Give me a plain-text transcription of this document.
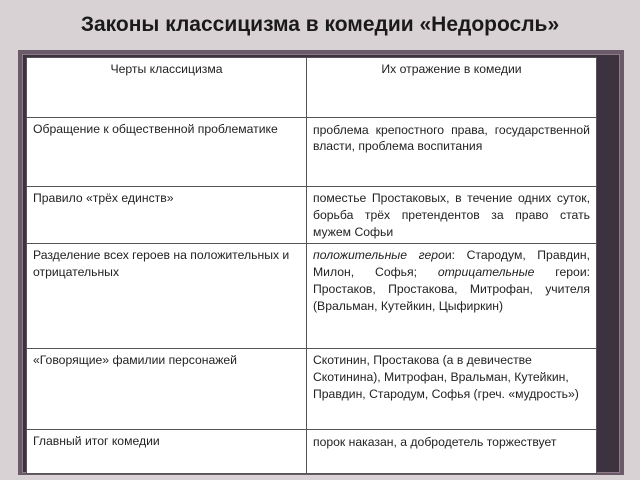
Законы классицизма в комедии «Недоросль»
Черты классицизма	Их отражение в комедии
Обращение к общественной проблематике	проблема крепостного права, государственной власти, проблема воспитания
Правило «трёх единств»	поместье Простаковых, в течение одних суток, борьба трёх претендентов за право стать мужем Софьи
Разделение всех героев на положительных и отрицательных	положительные герои: Стародум, Правдин, Милон, Софья; отрицательные герои: Простаков, Простакова, Митрофан, учителя (Вральман, Кутейкин, Цыфиркин)
«Говорящие» фамилии персонажей	Скотинин, Простакова (а в девичестве Скотинина), Митрофан, Вральман, Кутейкин, Правдин, Стародум, Софья (греч. «мудрость»)
Главный итог комедии	порок наказан, а добродетель торжествует
